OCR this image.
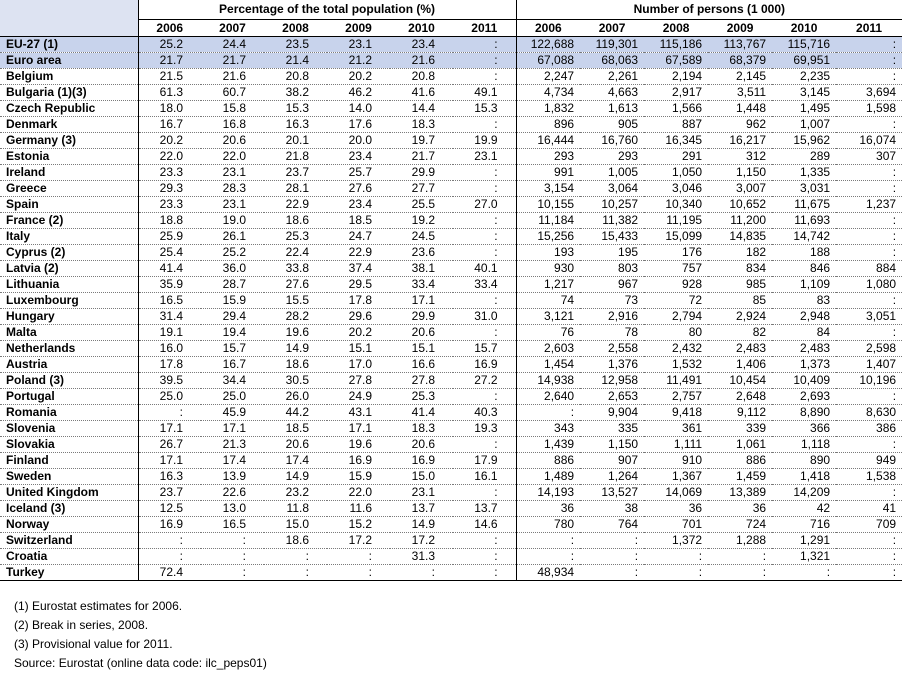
	Percentage of the total population (%)						Number of persons (1 000)					
	2006	2007	2008	2009	2010	2011	2006	2007	2008	2009	2010	2011
EU-27 (1)	25.2	24.4	23.5	23.1	23.4	:	122,688	119,301	115,186	113,767	115,716	:
Euro area	21.7	21.7	21.4	21.2	21.6	:	67,088	68,063	67,589	68,379	69,951	:
Belgium	21.5	21.6	20.8	20.2	20.8	:	2,247	2,261	2,194	2,145	2,235	:
Bulgaria (1)(3)	61.3	60.7	38.2	46.2	41.6	49.1	4,734	4,663	2,917	3,511	3,145	3,694
Czech Republic	18.0	15.8	15.3	14.0	14.4	15.3	1,832	1,613	1,566	1,448	1,495	1,598
Denmark	16.7	16.8	16.3	17.6	18.3	:	896	905	887	962	1,007	:
Germany (3)	20.2	20.6	20.1	20.0	19.7	19.9	16,444	16,760	16,345	16,217	15,962	16,074
Estonia	22.0	22.0	21.8	23.4	21.7	23.1	293	293	291	312	289	307
Ireland	23.3	23.1	23.7	25.7	29.9	:	991	1,005	1,050	1,150	1,335	:
Greece	29.3	28.3	28.1	27.6	27.7	:	3,154	3,064	3,046	3,007	3,031	:
Spain	23.3	23.1	22.9	23.4	25.5	27.0	10,155	10,257	10,340	10,652	11,675	1,237
France (2)	18.8	19.0	18.6	18.5	19.2	:	11,184	11,382	11,195	11,200	11,693	:
Italy	25.9	26.1	25.3	24.7	24.5	:	15,256	15,433	15,099	14,835	14,742	:
Cyprus (2)	25.4	25.2	22.4	22.9	23.6	:	193	195	176	182	188	:
Latvia (2)	41.4	36.0	33.8	37.4	38.1	40.1	930	803	757	834	846	884
Lithuania	35.9	28.7	27.6	29.5	33.4	33.4	1,217	967	928	985	1,109	1,080
Luxembourg	16.5	15.9	15.5	17.8	17.1	:	74	73	72	85	83	:
Hungary	31.4	29.4	28.2	29.6	29.9	31.0	3,121	2,916	2,794	2,924	2,948	3,051
Malta	19.1	19.4	19.6	20.2	20.6	:	76	78	80	82	84	:
Netherlands	16.0	15.7	14.9	15.1	15.1	15.7	2,603	2,558	2,432	2,483	2,483	2,598
Austria	17.8	16.7	18.6	17.0	16.6	16.9	1,454	1,376	1,532	1,406	1,373	1,407
Poland (3)	39.5	34.4	30.5	27.8	27.8	27.2	14,938	12,958	11,491	10,454	10,409	10,196
Portugal	25.0	25.0	26.0	24.9	25.3	:	2,640	2,653	2,757	2,648	2,693	:
Romania	:	45.9	44.2	43.1	41.4	40.3	:	9,904	9,418	9,112	8,890	8,630
Slovenia	17.1	17.1	18.5	17.1	18.3	19.3	343	335	361	339	366	386
Slovakia	26.7	21.3	20.6	19.6	20.6	:	1,439	1,150	1,111	1,061	1,118	:
Finland	17.1	17.4	17.4	16.9	16.9	17.9	886	907	910	886	890	949
Sweden	16.3	13.9	14.9	15.9	15.0	16.1	1,489	1,264	1,367	1,459	1,418	1,538
United Kingdom	23.7	22.6	23.2	22.0	23.1	:	14,193	13,527	14,069	13,389	14,209	:
Iceland (3)	12.5	13.0	11.8	11.6	13.7	13.7	36	38	36	36	42	41
Norway	16.9	16.5	15.0	15.2	14.9	14.6	780	764	701	724	716	709
Switzerland	:	:	18.6	17.2	17.2	:	:	:	1,372	1,288	1,291	:
Croatia	:	:	:	:	31.3	:	:	:	:	:	1,321	:
Turkey	72.4	:	:	:	:	:	48,934	:	:	:	:	:
(1) Eurostat estimates for 2006.
(2) Break in series, 2008.
(3) Provisional value for 2011.
Source: Eurostat (online data code: ilc_peps01)
